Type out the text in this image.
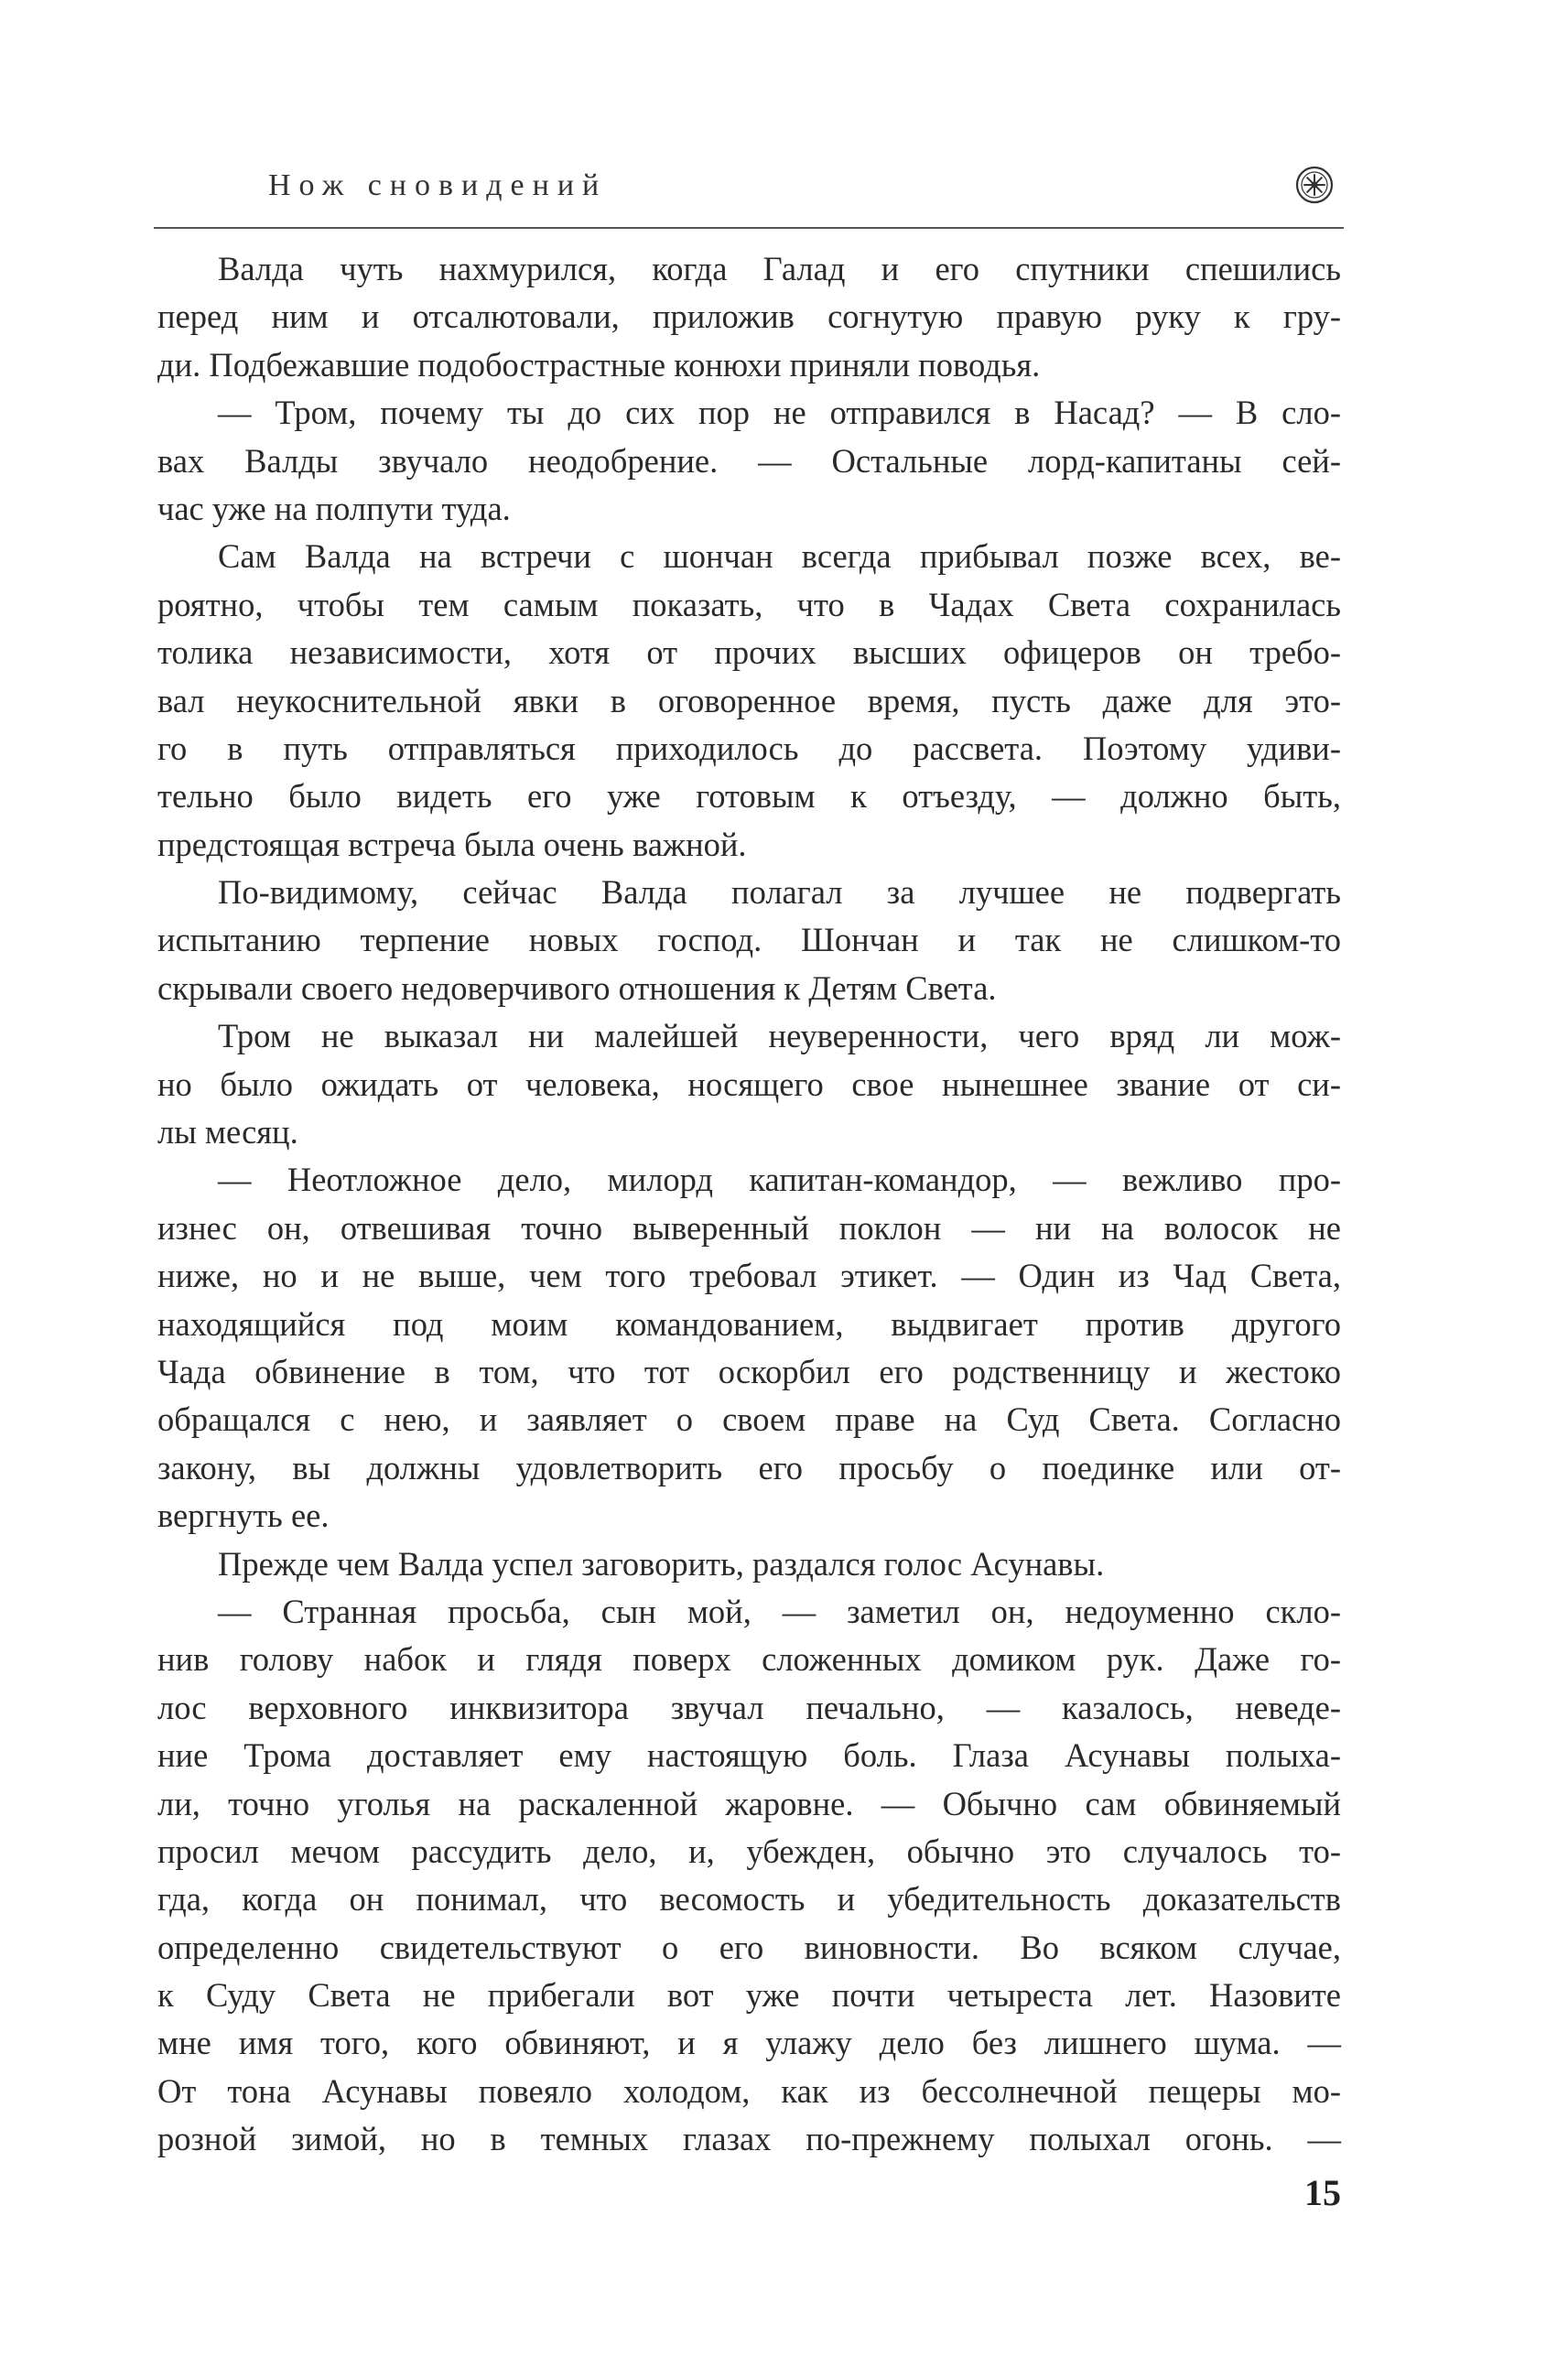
Нож сновидений
Валда чуть нахмурился, когда Галад и его спутники спешились
перед ним и отсалютовали, приложив согнутую правую руку к гру-
ди. Подбежавшие подобострастные конюхи приняли поводья.
— Тром, почему ты до сих пор не отправился в Насад? — В сло-
вах Валды звучало неодобрение. — Остальные лорд-капитаны сей-
час уже на полпути туда.
Сам Валда на встречи с шончан всегда прибывал позже всех, ве-
роятно, чтобы тем самым показать, что в Чадах Света сохранилась
толика независимости, хотя от прочих высших офицеров он требо-
вал неукоснительной явки в оговоренное время, пусть даже для это-
го в путь отправляться приходилось до рассвета. Поэтому удиви-
тельно было видеть его уже готовым к отъезду, — должно быть,
предстоящая встреча была очень важной.
По-видимому, сейчас Валда полагал за лучшее не подвергать
испытанию терпение новых господ. Шончан и так не слишком-то
скрывали своего недоверчивого отношения к Детям Света.
Тром не выказал ни малейшей неуверенности, чего вряд ли мож-
но было ожидать от человека, носящего свое нынешнее звание от си-
лы месяц.
— Неотложное дело, милорд капитан-командор, — вежливо про-
изнес он, отвешивая точно выверенный поклон — ни на волосок не
ниже, но и не выше, чем того требовал этикет. — Один из Чад Света,
находящийся под моим командованием, выдвигает против другого
Чада обвинение в том, что тот оскорбил его родственницу и жестоко
обращался с нею, и заявляет о своем праве на Суд Света. Согласно
закону, вы должны удовлетворить его просьбу о поединке или от-
вергнуть ее.
Прежде чем Валда успел заговорить, раздался голос Асунавы.
— Странная просьба, сын мой, — заметил он, недоуменно скло-
нив голову набок и глядя поверх сложенных домиком рук. Даже го-
лос верховного инквизитора звучал печально, — казалось, неведе-
ние Трома доставляет ему настоящую боль. Глаза Асунавы полыха-
ли, точно уголья на раскаленной жаровне. — Обычно сам обвиняемый
просил мечом рассудить дело, и, убежден, обычно это случалось то-
гда, когда он понимал, что весомость и убедительность доказательств
определенно свидетельствуют о его виновности. Во всяком случае,
к Суду Света не прибегали вот уже почти четыреста лет. Назовите
мне имя того, кого обвиняют, и я улажу дело без лишнего шума. —
От тона Асунавы повеяло холодом, как из бессолнечной пещеры мо-
розной зимой, но в темных глазах по-прежнему полыхал огонь. —
15
